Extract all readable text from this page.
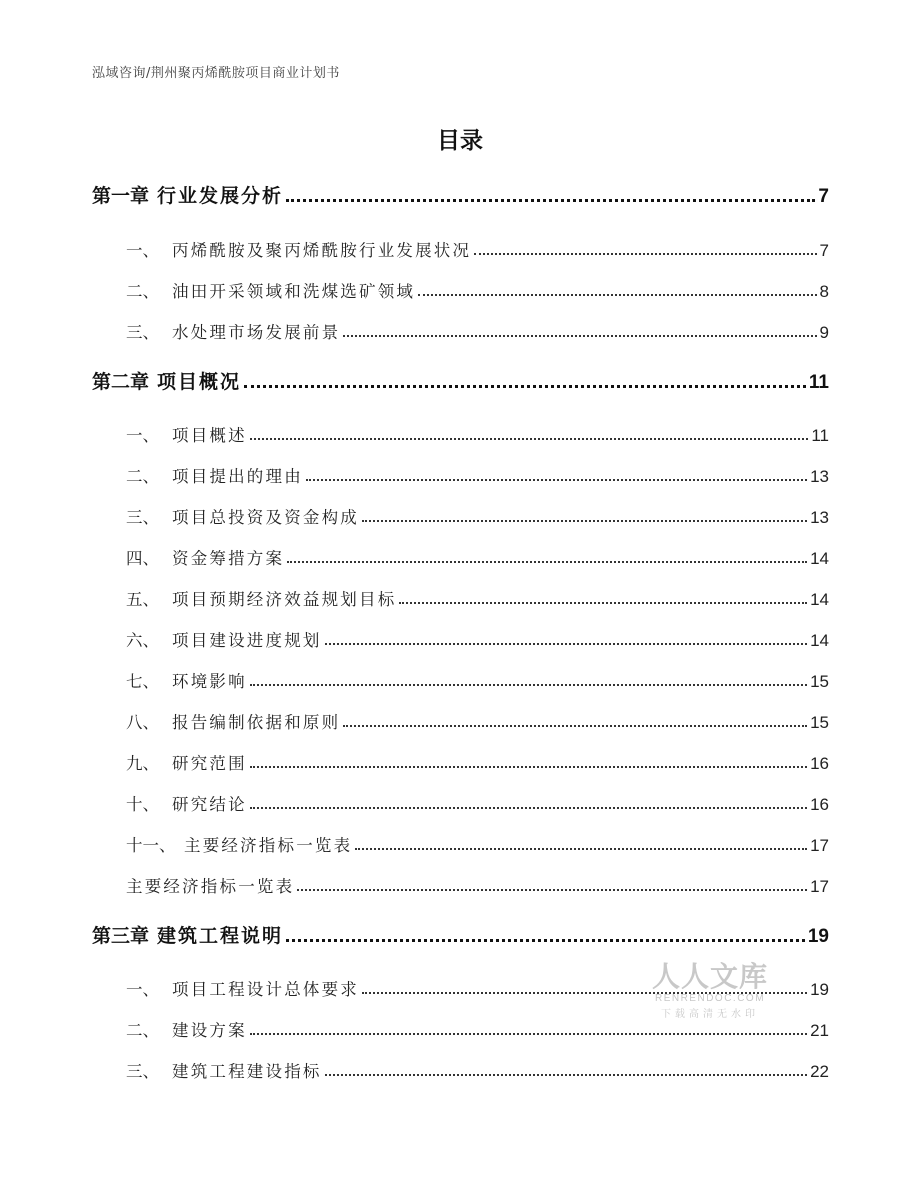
泓域咨询/荆州聚丙烯酰胺项目商业计划书
目录
第一章 行业发展分析	7
一、 丙烯酰胺及聚丙烯酰胺行业发展状况	7
二、 油田开采领域和洗煤选矿领域	8
三、 水处理市场发展前景	9
第二章 项目概况	11
一、 项目概述	11
二、 项目提出的理由	13
三、 项目总投资及资金构成	13
四、 资金筹措方案	14
五、 项目预期经济效益规划目标	14
六、 项目建设进度规划	14
七、 环境影响	15
八、 报告编制依据和原则	15
九、 研究范围	16
十、 研究结论	16
十一、 主要经济指标一览表	17
主要经济指标一览表	17
第三章 建筑工程说明	19
一、 项目工程设计总体要求	19
二、 建设方案	21
三、 建筑工程建设指标	22
人人文库
RENRENDOC.COM
下载高清无水印
